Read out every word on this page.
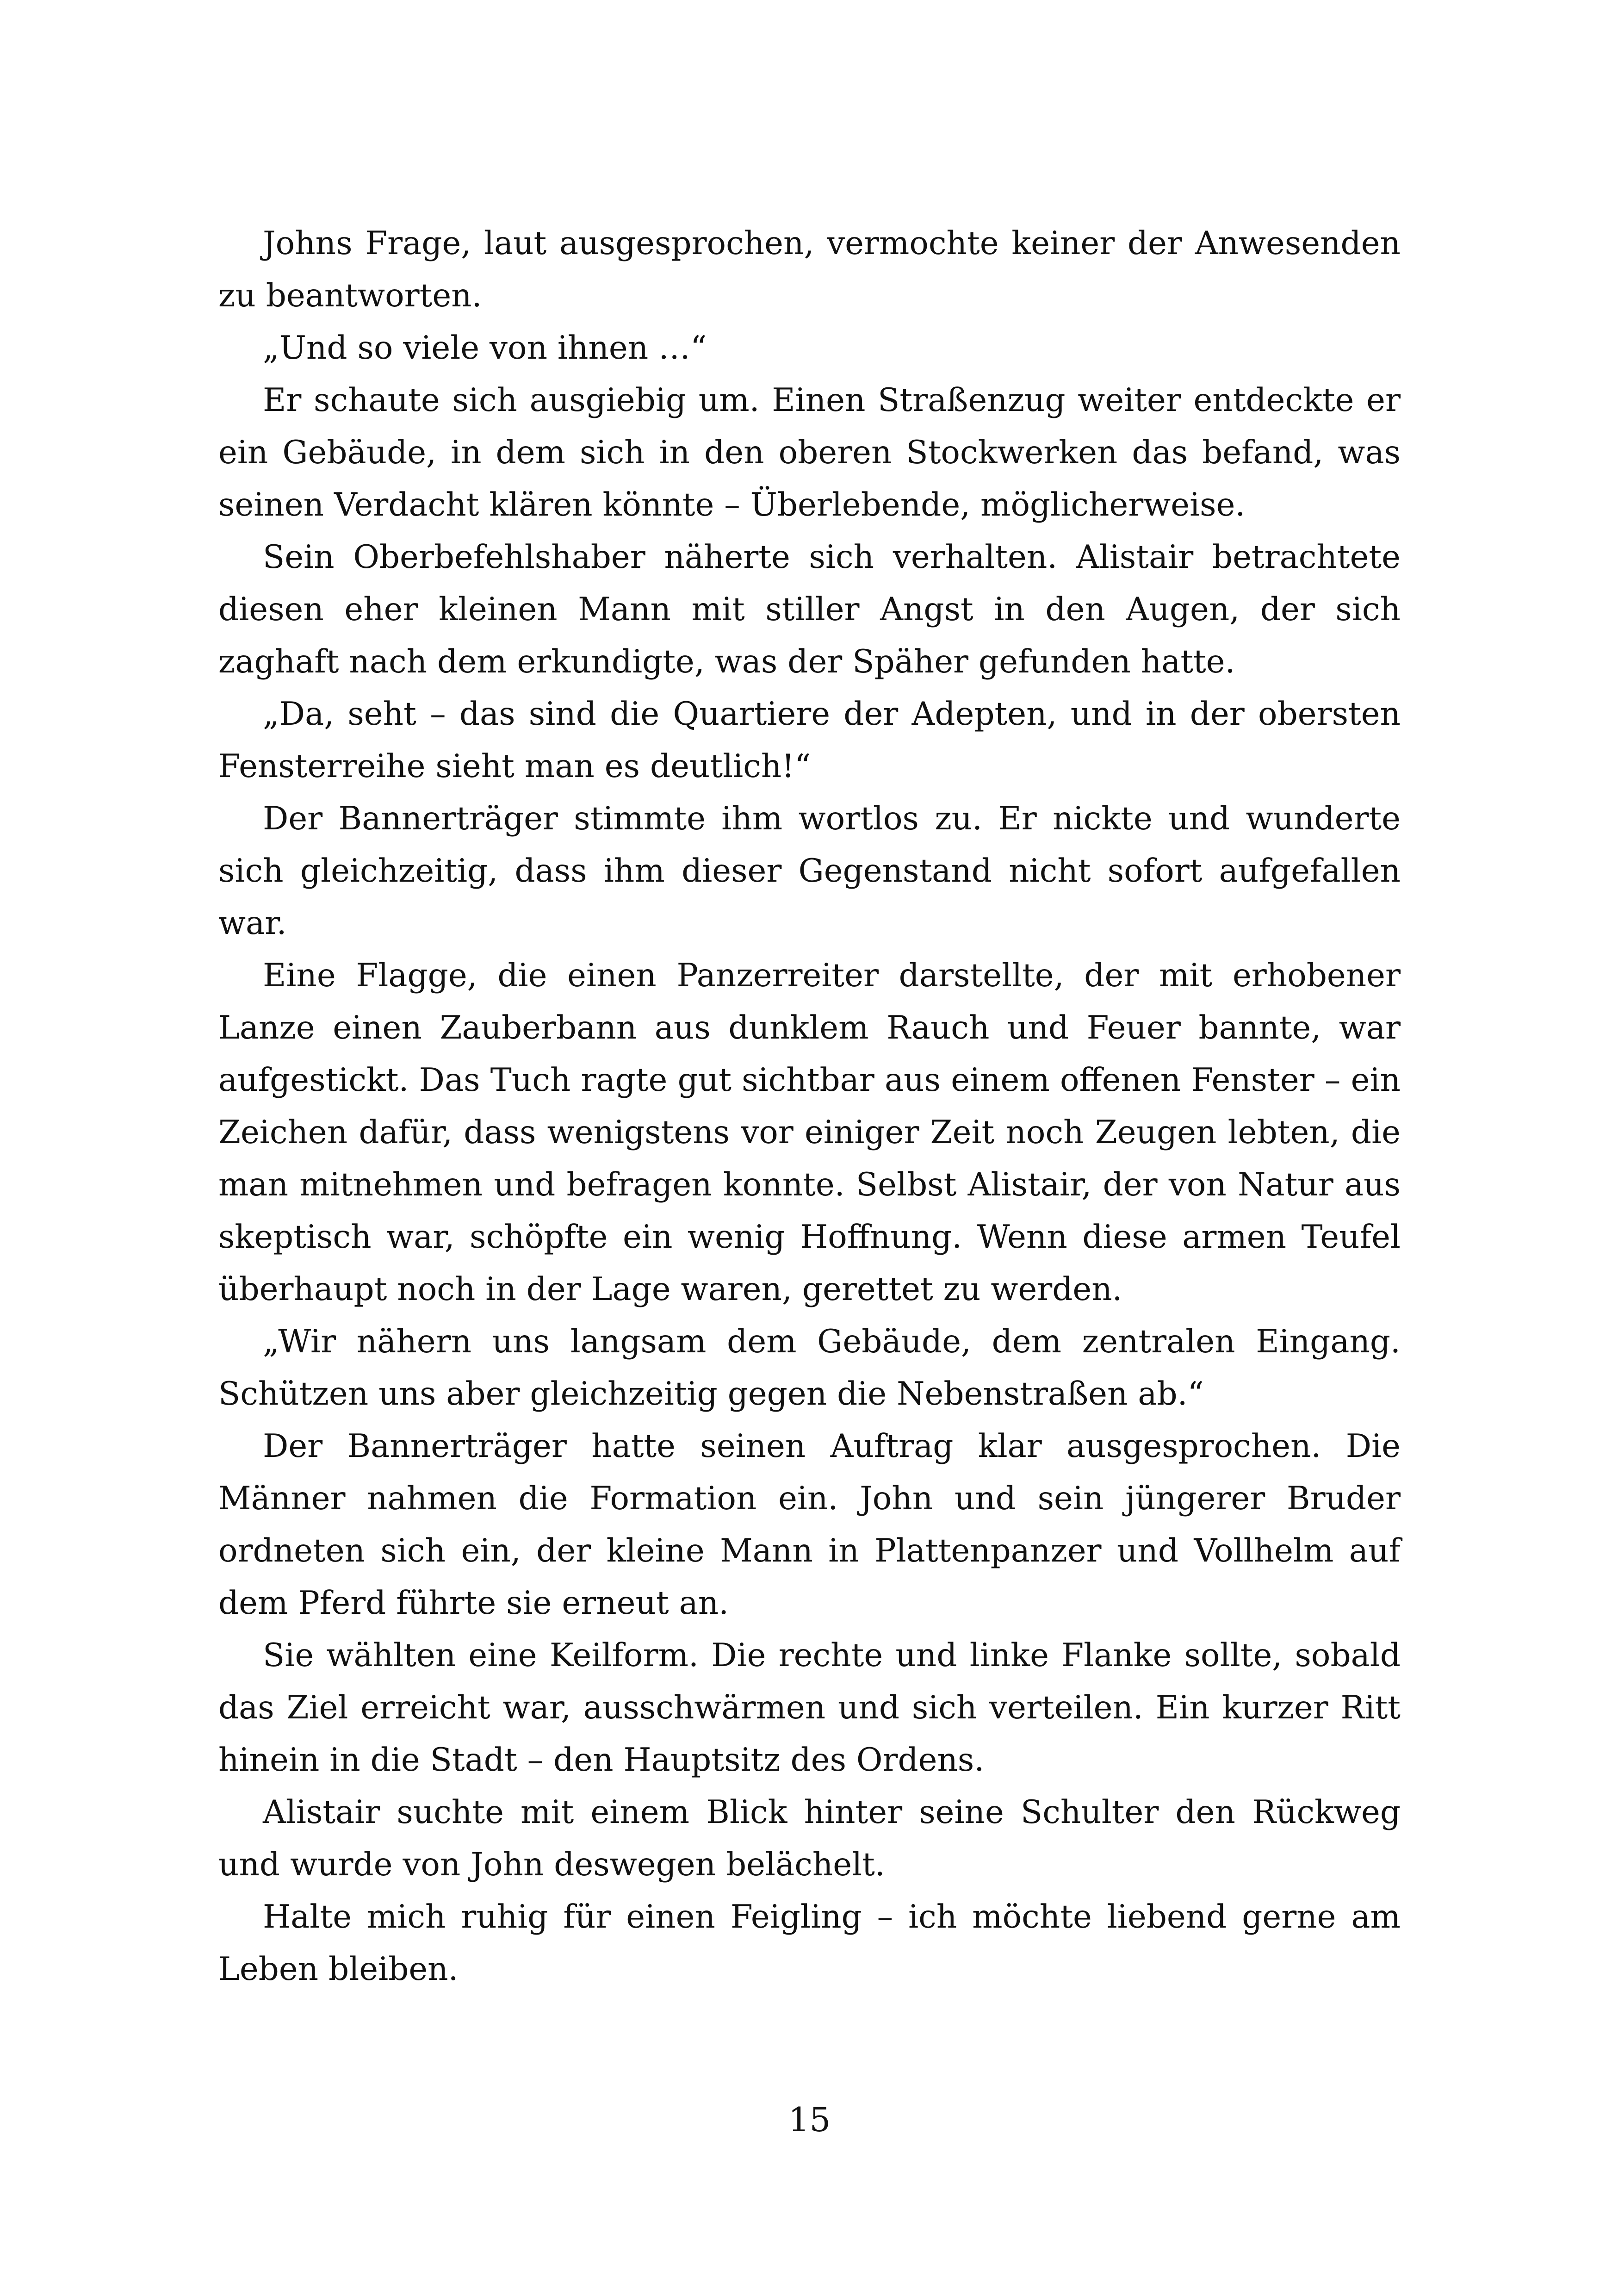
Johns Frage, laut ausgesprochen, vermochte keiner der Anwesenden zu beantworten.

„Und so viele von ihnen …“

Er schaute sich ausgiebig um. Einen Straßenzug weiter entdeckte er ein Gebäude, in dem sich in den oberen Stockwerken das befand, was seinen Verdacht klären könnte – Überlebende, möglicherweise.

Sein Oberbefehlshaber näherte sich verhalten. Alistair betrachtete diesen eher kleinen Mann mit stiller Angst in den Augen, der sich zaghaft nach dem erkundigte, was der Späher gefunden hatte.

„Da, seht – das sind die Quartiere der Adepten, und in der obersten Fensterreihe sieht man es deutlich!“

Der Bannerträger stimmte ihm wortlos zu. Er nickte und wunderte sich gleichzeitig, dass ihm dieser Gegenstand nicht sofort aufgefallen war.

Eine Flagge, die einen Panzerreiter darstellte, der mit erhobener Lanze einen Zauberbann aus dunklem Rauch und Feuer bannte, war aufgestickt. Das Tuch ragte gut sichtbar aus einem offenen Fenster – ein Zeichen dafür, dass wenigstens vor einiger Zeit noch Zeugen lebten, die man mitnehmen und befragen konnte. Selbst Alistair, der von Natur aus skeptisch war, schöpfte ein wenig Hoffnung. Wenn diese armen Teufel überhaupt noch in der Lage waren, gerettet zu werden.

„Wir nähern uns langsam dem Gebäude, dem zentralen Eingang. Schützen uns aber gleichzeitig gegen die Nebenstraßen ab.“

Der Bannerträger hatte seinen Auftrag klar ausgesprochen. Die Männer nahmen die Formation ein. John und sein jüngerer Bruder ordneten sich ein, der kleine Mann in Plattenpanzer und Vollhelm auf dem Pferd führte sie erneut an.

Sie wählten eine Keilform. Die rechte und linke Flanke sollte, sobald das Ziel erreicht war, ausschwärmen und sich verteilen. Ein kurzer Ritt hinein in die Stadt – den Hauptsitz des Ordens.

Alistair suchte mit einem Blick hinter seine Schulter den Rückweg und wurde von John deswegen belächelt.

Halte mich ruhig für einen Feigling – ich möchte liebend gerne am Leben bleiben.

15
